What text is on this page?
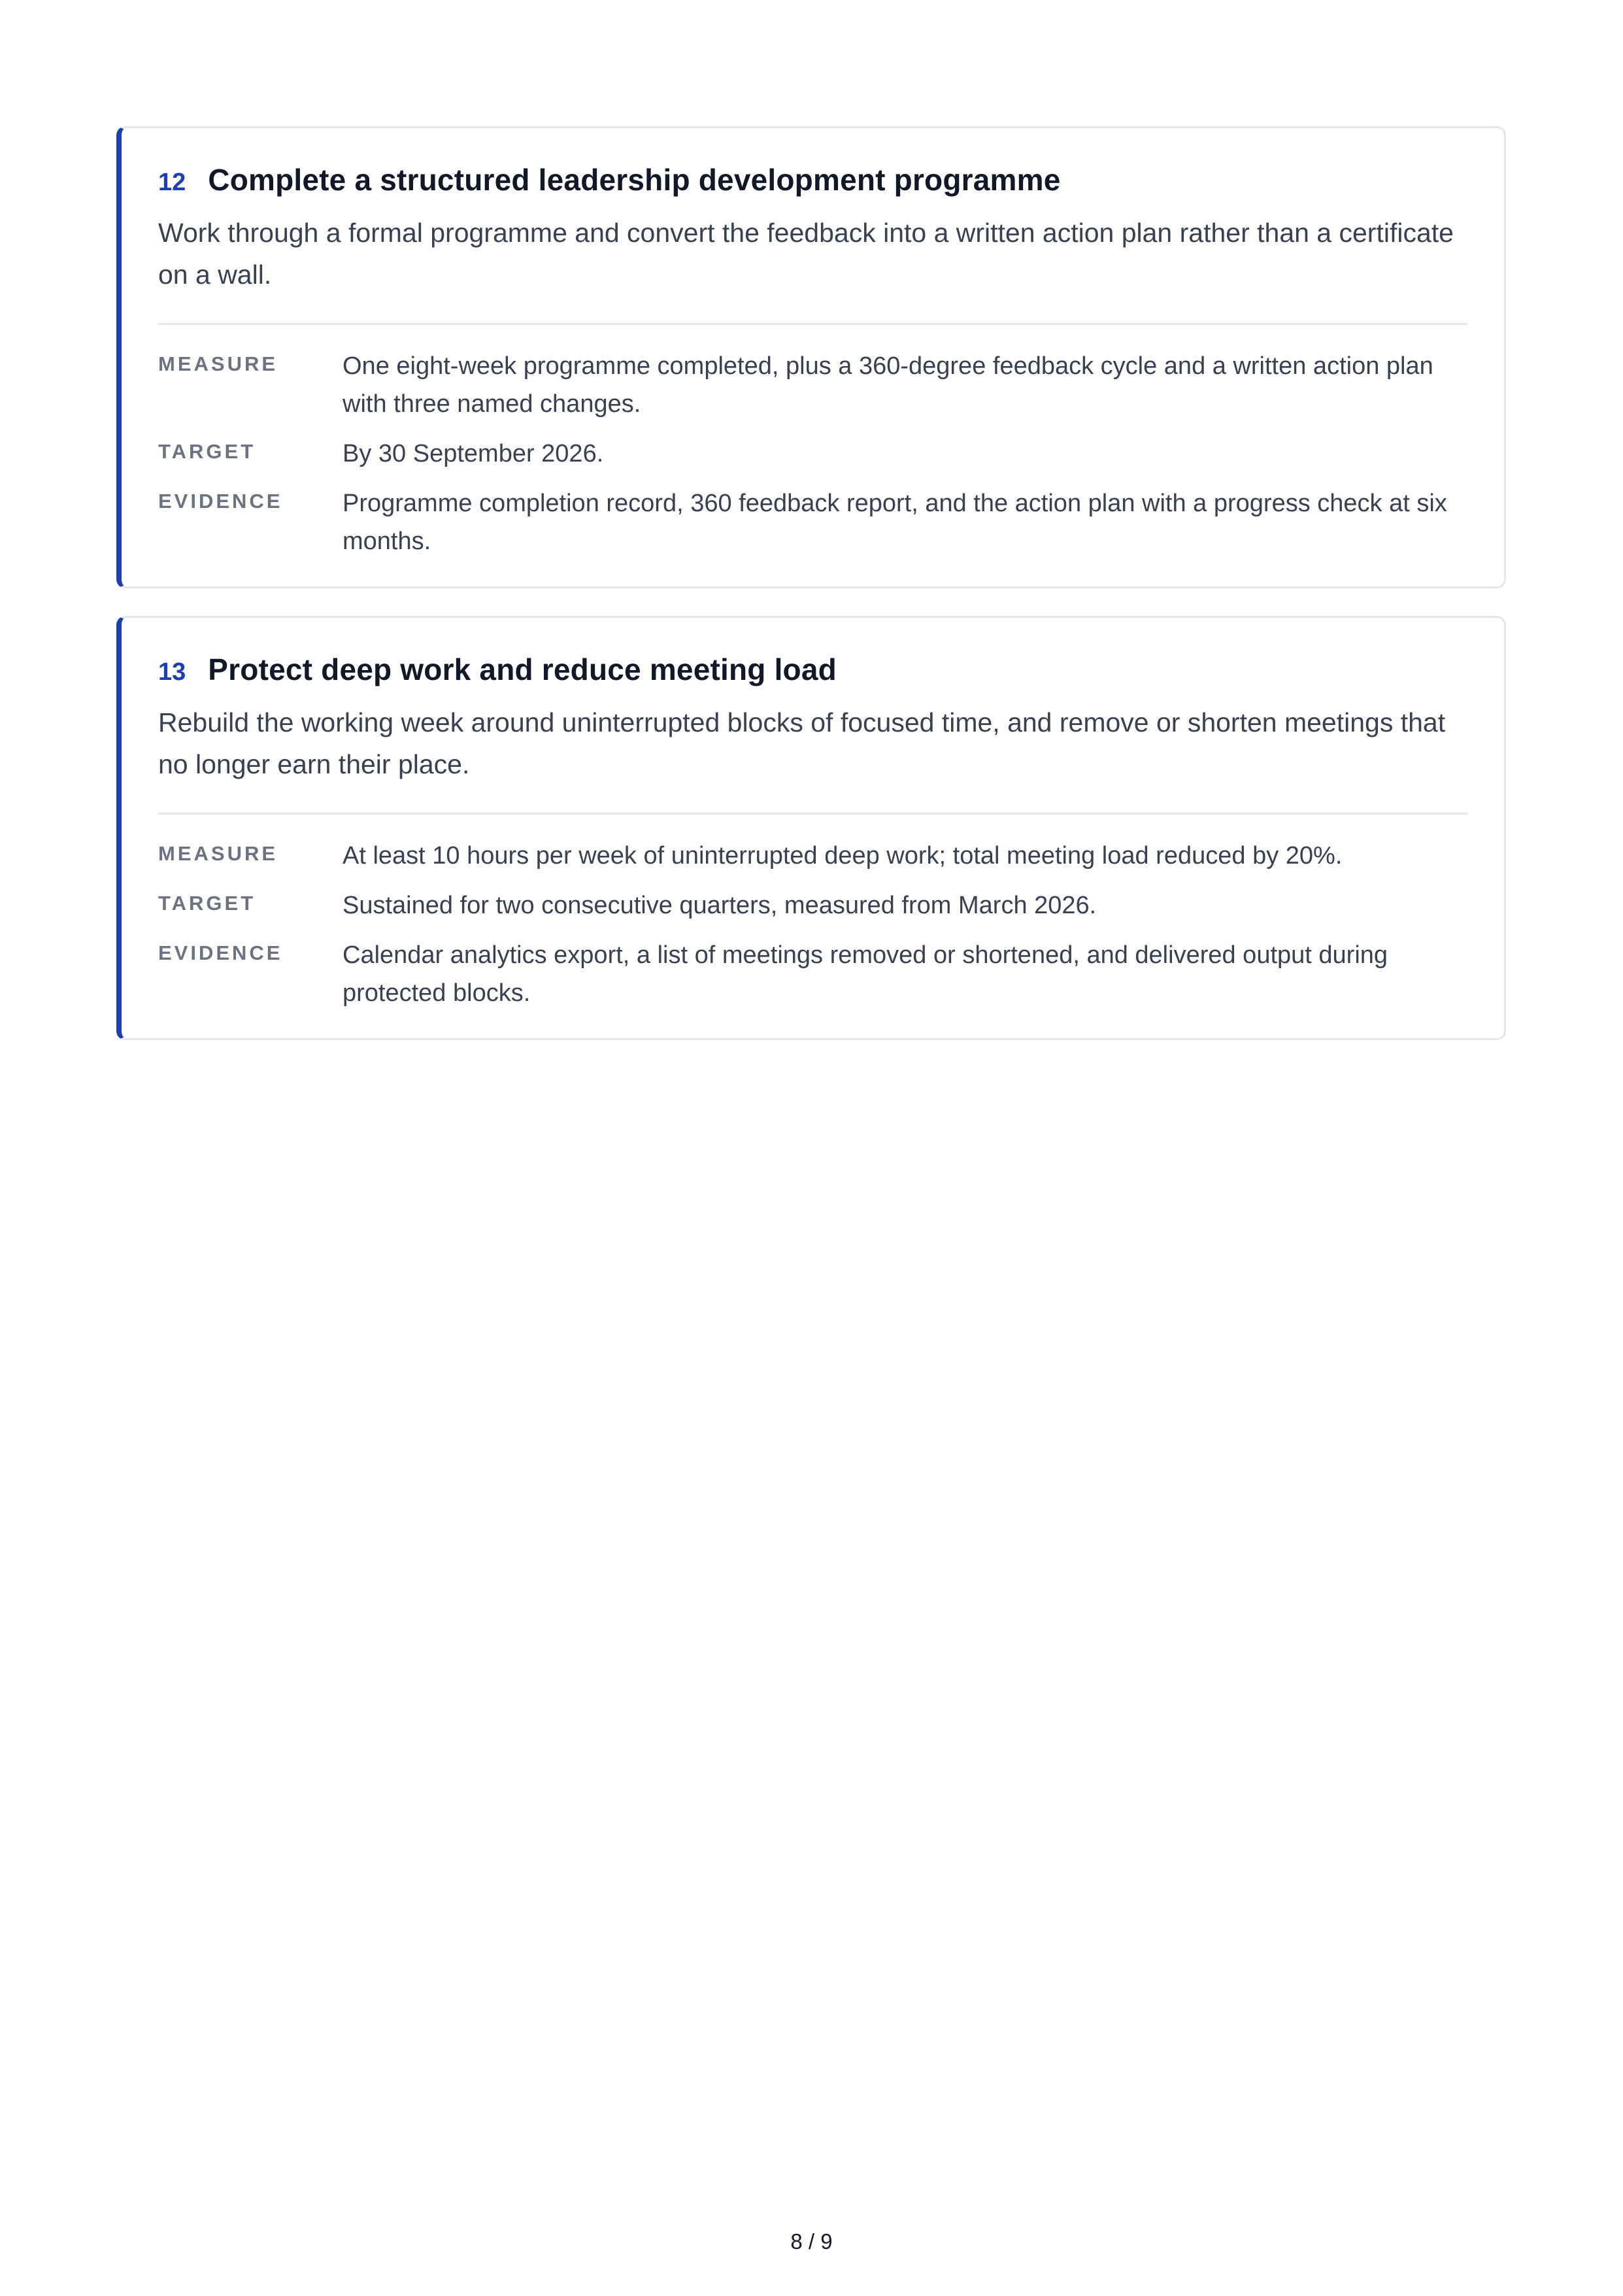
12 Complete a structured leadership development programme
Work through a formal programme and convert the feedback into a written action plan rather than a certificate on a wall.
MEASURE	One eight-week programme completed, plus a 360-degree feedback cycle and a written action plan with three named changes.
TARGET	By 30 September 2026.
EVIDENCE	Programme completion record, 360 feedback report, and the action plan with a progress check at six months.
13 Protect deep work and reduce meeting load
Rebuild the working week around uninterrupted blocks of focused time, and remove or shorten meetings that no longer earn their place.
MEASURE	At least 10 hours per week of uninterrupted deep work; total meeting load reduced by 20%.
TARGET	Sustained for two consecutive quarters, measured from March 2026.
EVIDENCE	Calendar analytics export, a list of meetings removed or shortened, and delivered output during protected blocks.
8 / 9
